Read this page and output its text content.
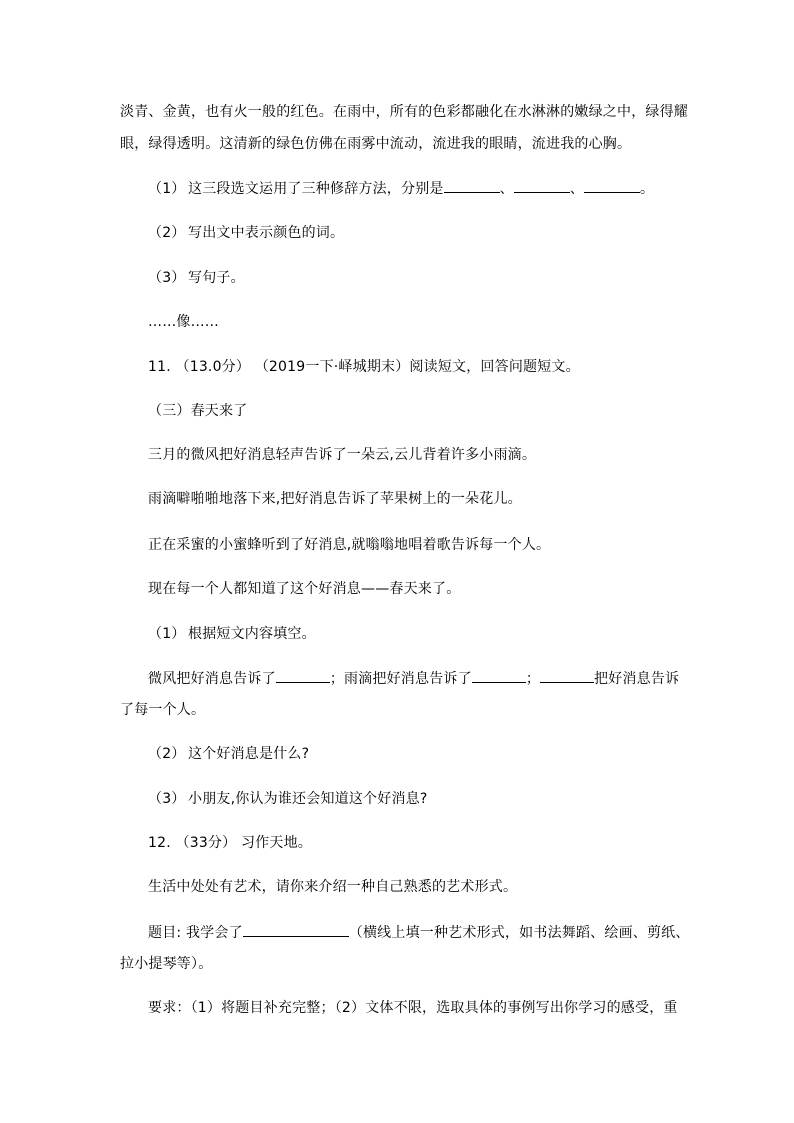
淡青、金黄，也有火一般的红色。在雨中，所有的色彩都融化在水淋淋的嫩绿之中，绿得耀
眼，绿得透明。这清新的绿色仿佛在雨雾中流动，流进我的眼睛，流进我的心胸。
（1） 这三段选文运用了三种修辞方法，分别是	、	、	。
（2） 写出文中表示颜色的词。
（3） 写句子。
……像……
11. （13.0分） （2019一下·峄城期末）阅读短文，回答问题短文。
（三）春天来了
三月的微风把好消息轻声告诉了一朵云,云儿背着许多小雨滴。
雨滴噼啪啪地落下来,把好消息告诉了苹果树上的一朵花儿。
正在采蜜的小蜜蜂听到了好消息,就嗡嗡地唱着歌告诉每一个人。
现在每一个人都知道了这个好消息——春天来了。
（1） 根据短文内容填空。
微风把好消息告诉了	；雨滴把好消息告诉了	；	把好消息告诉
了每一个人。
（2） 这个好消息是什么?
（3） 小朋友,你认为谁还会知道这个好消息?
12. （33分） 习作天地。
生活中处处有艺术，请你来介绍一种自己熟悉的艺术形式。
题目: 我学会了	（横线上填一种艺术形式，如书法舞蹈、绘画、剪纸、
拉小提琴等）。
要求：（1）将题目补充完整；（2）文体不限，选取具体的事例写出你学习的感受，重
